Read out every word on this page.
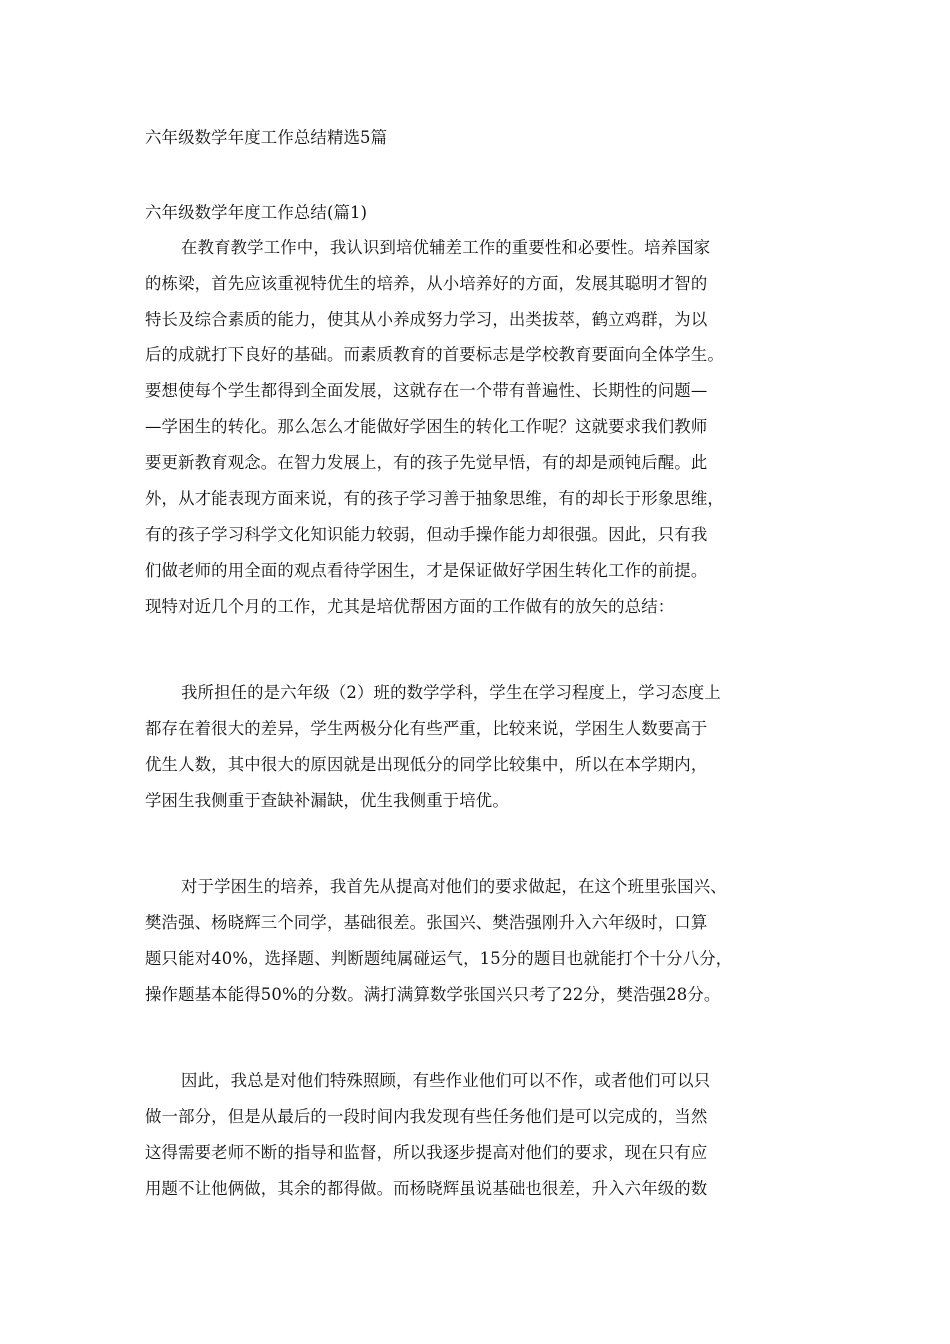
六年级数学年度工作总结精选5篇
六年级数学年度工作总结(篇1)
在教育教学工作中，我认识到培优辅差工作的重要性和必要性。培养国家
的栋梁，首先应该重视特优生的培养，从小培养好的方面，发展其聪明才智的
特长及综合素质的能力，使其从小养成努力学习，出类拔萃，鹤立鸡群，为以
后的成就打下良好的基础。而素质教育的首要标志是学校教育要面向全体学生。
要想使每个学生都得到全面发展，这就存在一个带有普遍性、长期性的问题—
—学困生的转化。那么怎么才能做好学困生的转化工作呢？这就要求我们教师
要更新教育观念。在智力发展上，有的孩子先觉早悟，有的却是顽钝后醒。此
外，从才能表现方面来说，有的孩子学习善于抽象思维，有的却长于形象思维，
有的孩子学习科学文化知识能力较弱，但动手操作能力却很强。因此，只有我
们做老师的用全面的观点看待学困生，才是保证做好学困生转化工作的前提。
现特对近几个月的工作，尤其是培优帮困方面的工作做有的放矢的总结：
我所担任的是六年级（2）班的数学学科，学生在学习程度上，学习态度上
都存在着很大的差异，学生两极分化有些严重，比较来说，学困生人数要高于
优生人数，其中很大的原因就是出现低分的同学比较集中，所以在本学期内，
学困生我侧重于查缺补漏缺，优生我侧重于培优。
对于学困生的培养，我首先从提高对他们的要求做起，在这个班里张国兴、
樊浩强、杨晓辉三个同学，基础很差。张国兴、樊浩强刚升入六年级时，口算
题只能对40%，选择题、判断题纯属碰运气，15分的题目也就能打个十分八分，
操作题基本能得50%的分数。满打满算数学张国兴只考了22分，樊浩强28分。
因此，我总是对他们特殊照顾，有些作业他们可以不作，或者他们可以只
做一部分，但是从最后的一段时间内我发现有些任务他们是可以完成的，当然
这得需要老师不断的指导和监督，所以我逐步提高对他们的要求，现在只有应
用题不让他俩做，其余的都得做。而杨晓辉虽说基础也很差，升入六年级的数
